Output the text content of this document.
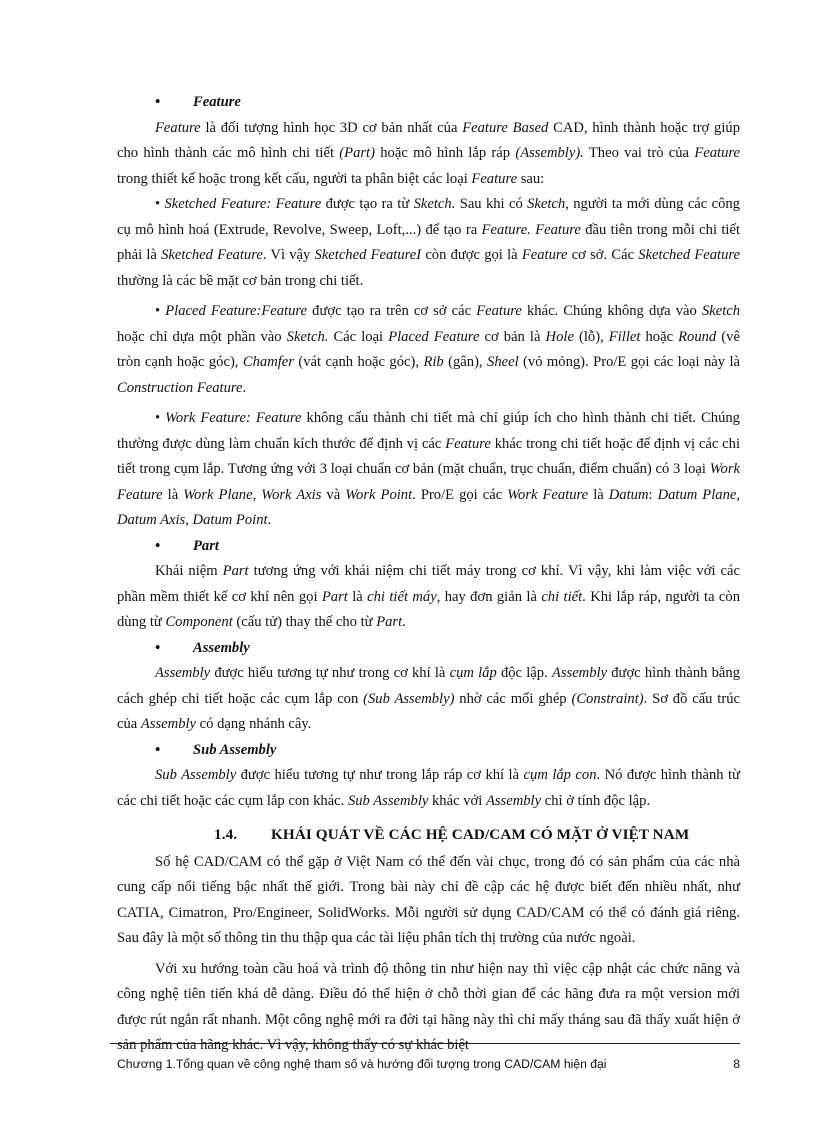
• Feature

Feature là đối tượng hình học 3D cơ bản nhất của Feature Based CAD, hình thành hoặc trợ giúp cho hình thành các mô hình chi tiết (Part) hoặc mô hình lắp ráp (Assembly). Theo vai trò của Feature trong thiết kế hoặc trong kết cấu, người ta phân biệt các loại Feature sau:

• Sketched Feature: Feature được tạo ra từ Sketch. Sau khi có Sketch, người ta mới dùng các công cụ mô hình hoá (Extrude, Revolve, Sweep, Loft,...) để tạo ra Feature. Feature đầu tiên trong mỗi chi tiết phải là Sketched Feature. Vì vậy Sketched FeatureI còn được gọi là Feature cơ sở. Các Sketched Feature thường là các bề mặt cơ bản trong chi tiết.

• Placed Feature:Feature được tạo ra trên cơ sở các Feature khác. Chúng không dựa vào Sketch hoặc chỉ dựa một phần vào Sketch. Các loại Placed Feature cơ bản là Hole (lỗ), Fillet hoặc Round (vê tròn cạnh hoặc góc), Chamfer (vát cạnh hoặc góc), Rib (gân), Sheel (vỏ mỏng). Pro/E gọi các loại này là Construction Feature.

• Work Feature: Feature không cấu thành chi tiết mà chỉ giúp ích cho hình thành chi tiết. Chúng thường được dùng làm chuẩn kích thước để định vị các Feature khác trong chi tiết hoặc để định vị các chi tiết trong cụm lắp. Tương ứng với 3 loại chuẩn cơ bản (mặt chuẩn, trục chuẩn, điểm chuẩn) có 3 loại Work Feature là Work Plane, Work Axis và Work Point. Pro/E gọi các Work Feature là Datum: Datum Plane, Datum Axis, Datum Point.

• Part

Khái niệm Part tương ứng với khái niệm chi tiết máy trong cơ khí. Vì vậy, khi làm việc với các phần mềm thiết kế cơ khí nên gọi Part là chi tiết máy, hay đơn giản là chi tiết. Khi lắp ráp, người ta còn dùng từ Component (cấu tử) thay thế cho từ Part.

• Assembly

Assembly được hiểu tương tự như trong cơ khí là cụm lắp độc lập. Assembly được hình thành bằng cách ghép chi tiết hoặc các cụm lắp con (Sub Assembly) nhờ các mối ghép (Constraint). Sơ đồ cấu trúc của Assembly có dạng nhánh cây.

• Sub Assembly

Sub Assembly được hiểu tương tự như trong lắp ráp cơ khí là cụm lắp con. Nó được hình thành từ các chi tiết hoặc các cụm lắp con khác. Sub Assembly khác với Assembly chỉ ở tính độc lập.

1.4. KHÁI QUÁT VỀ CÁC HỆ CAD/CAM CÓ MẶT Ở VIỆT NAM

Số hệ CAD/CAM có thể gặp ở Việt Nam có thể đến vài chục, trong đó có sản phẩm của các nhà cung cấp nổi tiếng bậc nhất thế giới. Trong bài này chỉ đề cập các hệ được biết đến nhiều nhất, như CATIA, Cimatron, Pro/Engineer, SolidWorks. Mỗi người sử dụng CAD/CAM có thể có đánh giá riêng. Sau đây là một số thông tin thu thập qua các tài liệu phân tích thị trường của nước ngoài.

Với xu hướng toàn cầu hoá và trình độ thông tin như hiện nay thì việc cập nhật các chức năng và công nghệ tiên tiến khá dễ dàng. Điều đó thể hiện ở chỗ thời gian để các hãng đưa ra một version mới được rút ngắn rất nhanh. Một công nghệ mới ra đời tại hãng này thì chỉ mấy tháng sau đã thấy xuất hiện ở sản phẩm của hãng khác. Vì vậy, không thấy có sự khác biệt

Chương 1.Tổng quan về công nghệ tham số và hướng đối tượng trong CAD/CAM hiện đại	8
